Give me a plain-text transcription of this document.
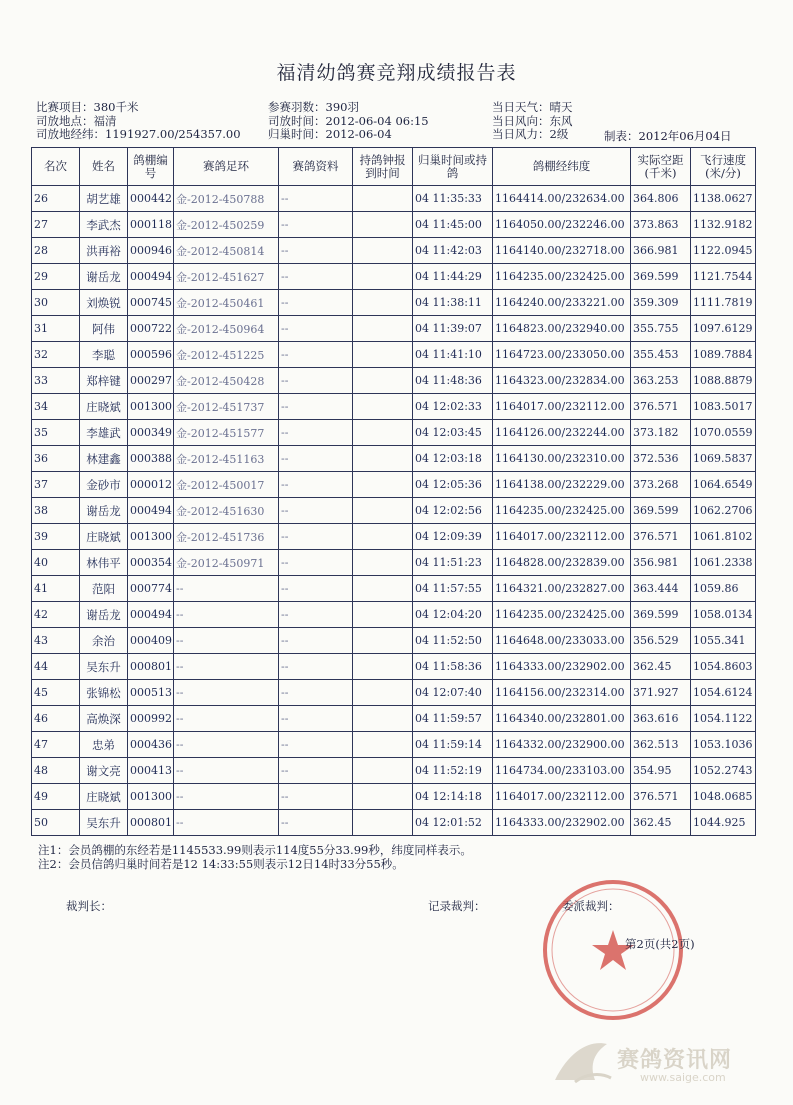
福清幼鸽赛竞翔成绩报告表
比赛项目：380千米
司放地点：福清
司放地经纬：1191927.00/254357.00
参赛羽数：390羽
司放时间：2012-06-04 06:15
归巢时间：2012-06-04
当日天气：晴天
当日风向：东风
当日风力：2级	制表：2012年06月04日
名次	姓名	鸽棚编号	赛鸽足环	赛鸽资料	持鸽钟报到时间	归巢时间或持鸽	鸽棚经纬度	实际空距(千米)	飞行速度(米/分)
26	胡艺雄	000442	金-2012-450788	--		04 11:35:33	1164414.00/232634.00	364.806	1138.0627
27	李武杰	000118	金-2012-450259	--		04 11:45:00	1164050.00/232246.00	373.863	1132.9182
28	洪再裕	000946	金-2012-450814	--		04 11:42:03	1164140.00/232718.00	366.981	1122.0945
29	谢岳龙	000494	金-2012-451627	--		04 11:44:29	1164235.00/232425.00	369.599	1121.7544
30	刘焕锐	000745	金-2012-450461	--		04 11:38:11	1164240.00/233221.00	359.309	1111.7819
31	阿伟	000722	金-2012-450964	--		04 11:39:07	1164823.00/232940.00	355.755	1097.6129
32	李聪	000596	金-2012-451225	--		04 11:41:10	1164723.00/233050.00	355.453	1089.7884
33	郑梓键	000297	金-2012-450428	--		04 11:48:36	1164323.00/232834.00	363.253	1088.8879
34	庄晓斌	001300	金-2012-451737	--		04 12:02:33	1164017.00/232112.00	376.571	1083.5017
35	李雄武	000349	金-2012-451577	--		04 12:03:45	1164126.00/232244.00	373.182	1070.0559
36	林建鑫	000388	金-2012-451163	--		04 12:03:18	1164130.00/232310.00	372.536	1069.5837
37	金砂市	000012	金-2012-450017	--		04 12:05:36	1164138.00/232229.00	373.268	1064.6549
38	谢岳龙	000494	金-2012-451630	--		04 12:02:56	1164235.00/232425.00	369.599	1062.2706
39	庄晓斌	001300	金-2012-451736	--		04 12:09:39	1164017.00/232112.00	376.571	1061.8102
40	林伟平	000354	金-2012-450971	--		04 11:51:23	1164828.00/232839.00	356.981	1061.2338
41	范阳	000774	--	--		04 11:57:55	1164321.00/232827.00	363.444	1059.86
42	谢岳龙	000494	--	--		04 12:04:20	1164235.00/232425.00	369.599	1058.0134
43	余治	000409	--	--		04 11:52:50	1164648.00/233033.00	356.529	1055.341
44	吴东升	000801	--	--		04 11:58:36	1164333.00/232902.00	362.45	1054.8603
45	张锦松	000513	--	--		04 12:07:40	1164156.00/232314.00	371.927	1054.6124
46	高焕深	000992	--	--		04 11:59:57	1164340.00/232801.00	363.616	1054.1122
47	忠弟	000436	--	--		04 11:59:14	1164332.00/232900.00	362.513	1053.1036
48	谢文亮	000413	--	--		04 11:52:19	1164734.00/233103.00	354.95	1052.2743
49	庄晓斌	001300	--	--		04 12:14:18	1164017.00/232112.00	376.571	1048.0685
50	吴东升	000801	--	--		04 12:01:52	1164333.00/232902.00	362.45	1044.925
注1：会员鸽棚的东经若是1145533.99则表示114度55分33.99秒，纬度同样表示。
注2：会员信鸽归巢时间若是12 14:33:55则表示12日14时33分55秒。
裁判长：	记录裁判：	委派裁判：
第2页(共2页)
赛鸽资讯网
www.saige.com
